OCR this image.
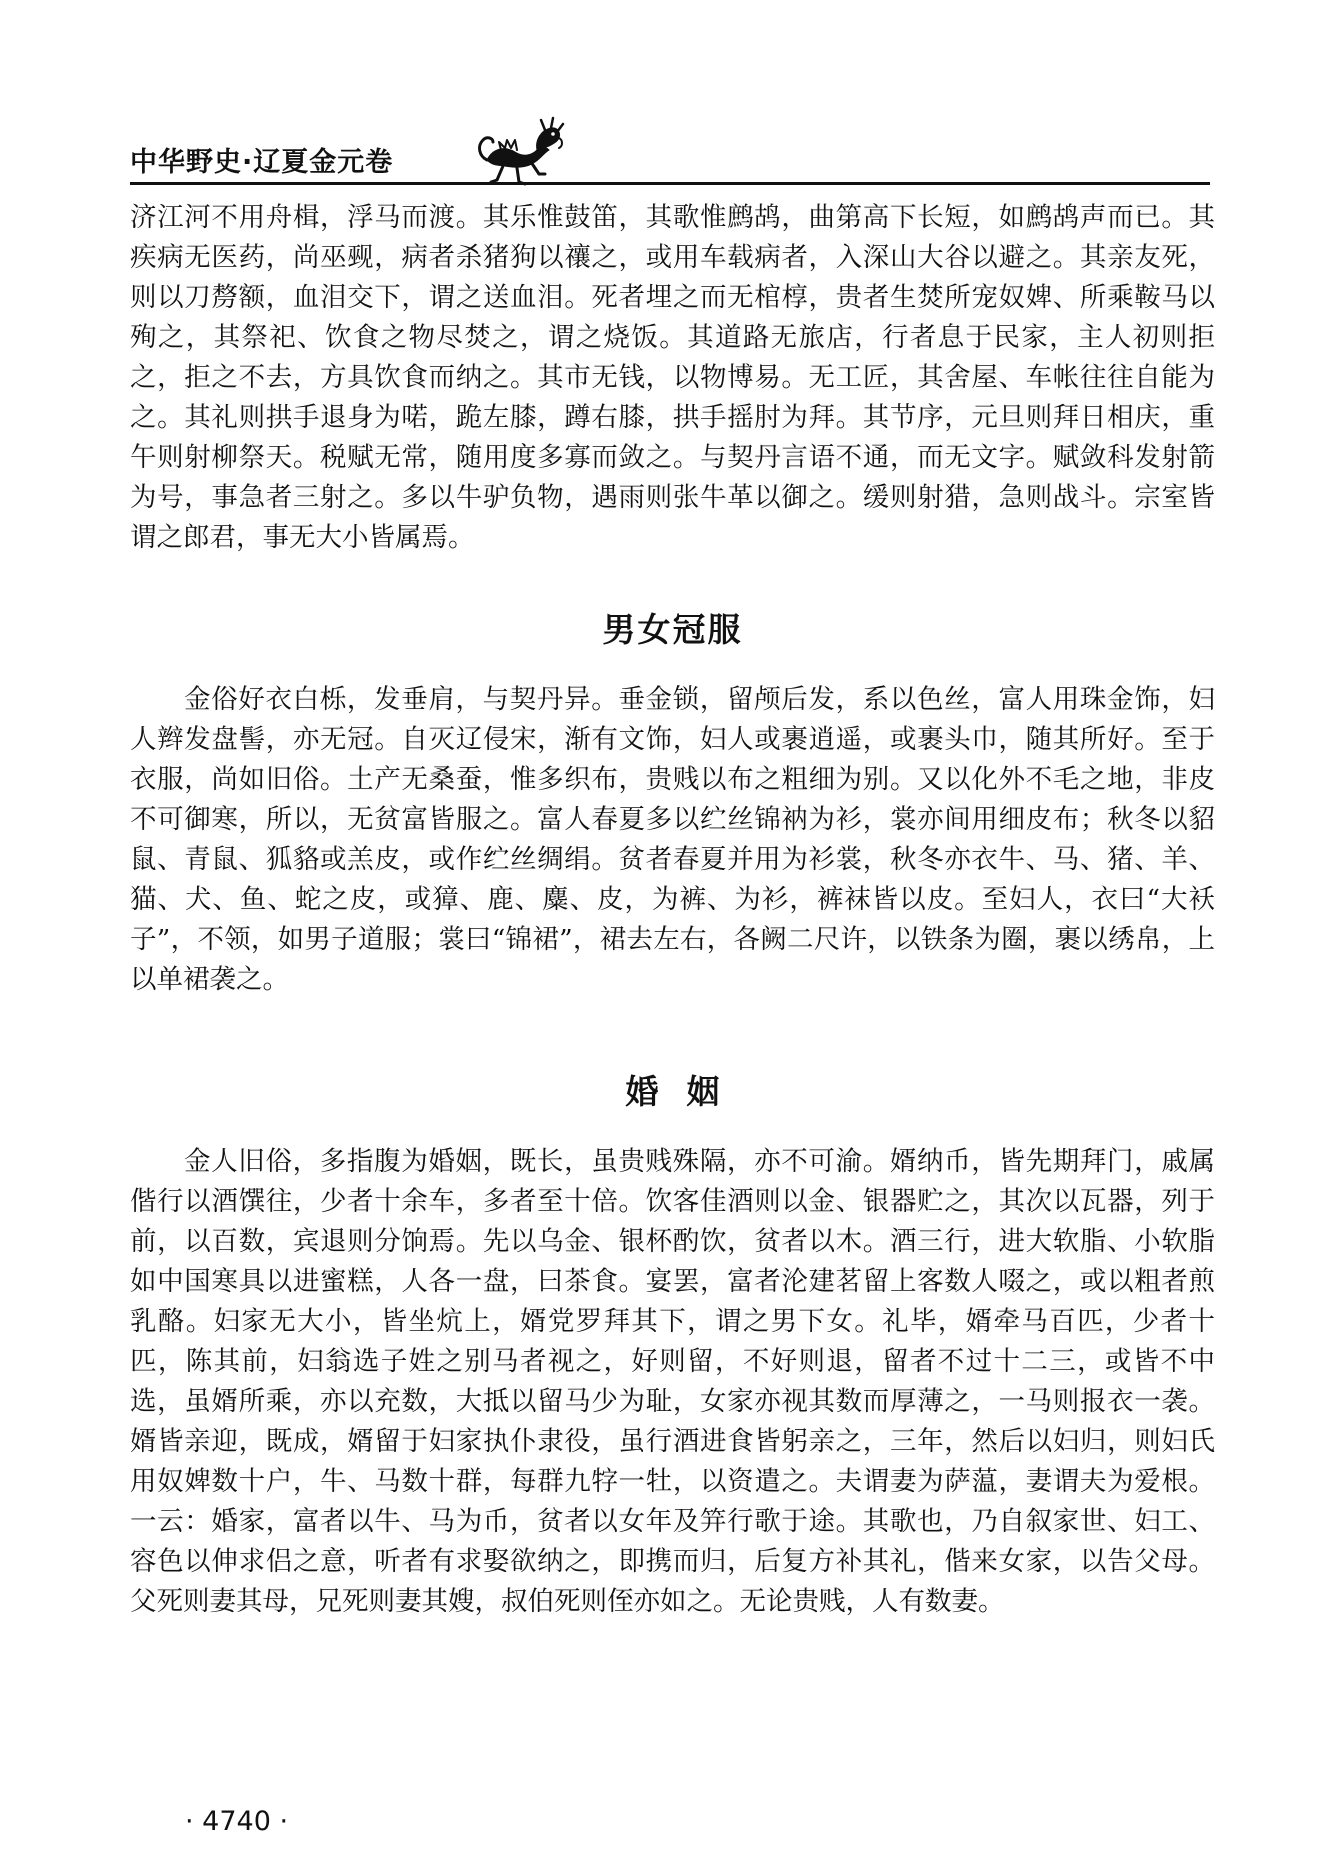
中华野史·辽夏金元卷

济江河不用舟楫，浮马而渡。其乐惟鼓笛，其歌惟鹧鸪，曲第高下长短，如鹧鸪声而已。其疾病无医药，尚巫觋，病者杀猪狗以禳之，或用车载病者，入深山大谷以避之。其亲友死，则以刀剺额，血泪交下，谓之送血泪。死者埋之而无棺椁，贵者生焚所宠奴婢、所乘鞍马以殉之，其祭祀、饮食之物尽焚之，谓之烧饭。其道路无旅店，行者息于民家，主人初则拒之，拒之不去，方具饮食而纳之。其市无钱，以物博易。无工匠，其舍屋、车帐往往自能为之。其礼则拱手退身为喏，跪左膝，蹲右膝，拱手摇肘为拜。其节序，元旦则拜日相庆，重午则射柳祭天。税赋无常，随用度多寡而敛之。与契丹言语不通，而无文字。赋敛科发射箭为号，事急者三射之。多以牛驴负物，遇雨则张牛革以御之。缓则射猎，急则战斗。宗室皆谓之郎君，事无大小皆属焉。

男女冠服

金俗好衣白栎，发垂肩，与契丹异。垂金锁，留颅后发，系以色丝，富人用珠金饰，妇人辫发盘髻，亦无冠。自灭辽侵宋，渐有文饰，妇人或裹逍遥，或裹头巾，随其所好。至于衣服，尚如旧俗。土产无桑蚕，惟多织布，贵贱以布之粗细为别。又以化外不毛之地，非皮不可御寒，所以，无贫富皆服之。富人春夏多以纻丝锦衲为衫，裳亦间用细皮布；秋冬以貂鼠、青鼠、狐貉或羔皮，或作纻丝绸绢。贫者春夏并用为衫裳，秋冬亦衣牛、马、猪、羊、猫、犬、鱼、蛇之皮，或獐、鹿、麋、皮，为裤、为衫，裤袜皆以皮。至妇人，衣曰“大袄子”，不领，如男子道服；裳曰“锦裙”，裙去左右，各阙二尺许，以铁条为圈，裹以绣帛，上以单裙袭之。

婚姻

金人旧俗，多指腹为婚姻，既长，虽贵贱殊隔，亦不可渝。婿纳币，皆先期拜门，戚属偕行以酒馔往，少者十余车，多者至十倍。饮客佳酒则以金、银器贮之，其次以瓦器，列于前，以百数，宾退则分饷焉。先以乌金、银杯酌饮，贫者以木。酒三行，进大软脂、小软脂如中国寒具以进蜜糕，人各一盘，曰茶食。宴罢，富者沦建茗留上客数人啜之，或以粗者煎乳酪。妇家无大小，皆坐炕上，婿党罗拜其下，谓之男下女。礼毕，婿牵马百匹，少者十匹，陈其前，妇翁选子姓之别马者视之，好则留，不好则退，留者不过十二三，或皆不中选，虽婿所乘，亦以充数，大抵以留马少为耻，女家亦视其数而厚薄之，一马则报衣一袭。婿皆亲迎，既成，婿留于妇家执仆隶役，虽行酒进食皆躬亲之，三年，然后以妇归，则妇氏用奴婢数十户，牛、马数十群，每群九牸一牡，以资遣之。夫谓妻为萨蕰，妻谓夫为爱根。一云：婚家，富者以牛、马为币，贫者以女年及笄行歌于途。其歌也，乃自叙家世、妇工、容色以伸求侣之意，听者有求娶欲纳之，即携而归，后复方补其礼，偕来女家，以告父母。父死则妻其母，兄死则妻其嫂，叔伯死则侄亦如之。无论贵贱，人有数妻。

· 4740 ·
